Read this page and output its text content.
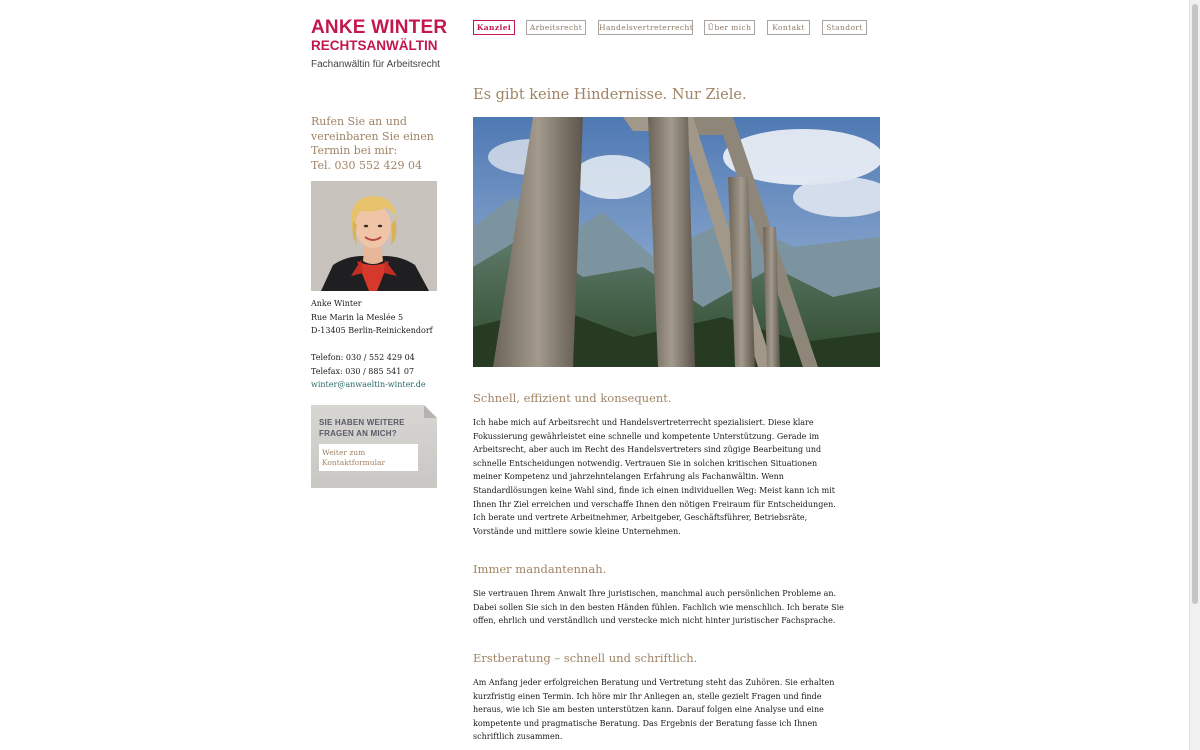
ANKE WINTER
RECHTSANWÄLTIN
Fachanwältin für Arbeitsrecht
Kanzlei	Arbeitsrecht	Handelsvertreterrecht	Über mich	Kontakt	Standort

Rufen Sie an und
vereinbaren Sie einen
Termin bei mir:
Tel. 030 552 429 04

Anke Winter
Rue Marin la Meslée 5
D-13405 Berlin-Reinickendorf
Telefon: 030 / 552 429 04
Telefax: 030 / 885 541 07
winter@anwaeltin-winter.de
SIE HABEN WEITERE
FRAGEN AN MICH?
Weiter zum
Kontaktformular
Es gibt keine Hindernisse. Nur Ziele.
Schnell, effizient und konsequent.
Ich habe mich auf Arbeitsrecht und Handelsvertreterrecht spezialisiert. Diese klare
Fokussierung gewährleistet eine schnelle und kompetente Unterstützung. Gerade im
Arbeitsrecht, aber auch im Recht des Handelsvertreters sind zügige Bearbeitung und
schnelle Entscheidungen notwendig. Vertrauen Sie in solchen kritischen Situationen
meiner Kompetenz und jahrzehntelangen Erfahrung als Fachanwältin. Wenn
Standardlösungen keine Wahl sind, finde ich einen individuellen Weg: Meist kann ich mit
Ihnen Ihr Ziel erreichen und verschaffe Ihnen den nötigen Freiraum für Entscheidungen.
Ich berate und vertrete Arbeitnehmer, Arbeitgeber, Geschäftsführer, Betriebsräte,
Vorstände und mittlere sowie kleine Unternehmen.
Immer mandantennah.
Sie vertrauen Ihrem Anwalt Ihre juristischen, manchmal auch persönlichen Probleme an.
Dabei sollen Sie sich in den besten Händen fühlen. Fachlich wie menschlich. Ich berate Sie
offen, ehrlich und verständlich und verstecke mich nicht hinter juristischer Fachsprache.
Erstberatung – schnell und schriftlich.
Am Anfang jeder erfolgreichen Beratung und Vertretung steht das Zuhören. Sie erhalten
kurzfristig einen Termin. Ich höre mir Ihr Anliegen an, stelle gezielt Fragen und finde
heraus, wie ich Sie am besten unterstützen kann. Darauf folgen eine Analyse und eine
kompetente und pragmatische Beratung. Das Ergebnis der Beratung fasse ich Ihnen
schriftlich zusammen.
